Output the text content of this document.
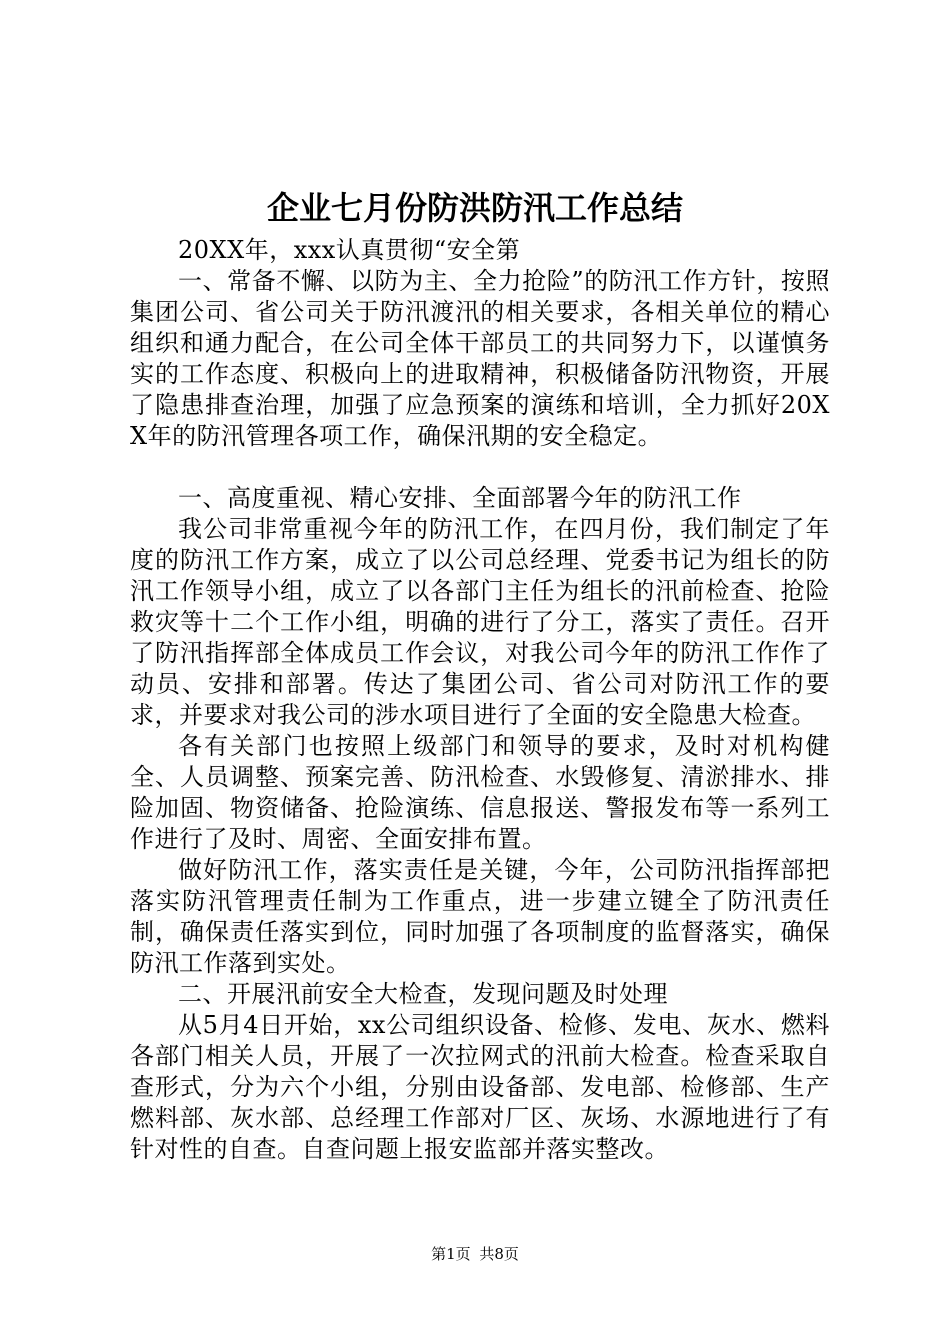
企业七月份防洪防汛工作总结

20XX年，xxx认真贯彻“安全第

一、常备不懈、以防为主、全力抢险”的防汛工作方针，按照集团公司、省公司关于防汛渡汛的相关要求，各相关单位的精心组织和通力配合，在公司全体干部员工的共同努力下，以谨慎务实的工作态度、积极向上的进取精神，积极储备防汛物资，开展了隐患排查治理，加强了应急预案的演练和培训，全力抓好20XX年的防汛管理各项工作，确保汛期的安全稳定。

一、高度重视、精心安排、全面部署今年的防汛工作

我公司非常重视今年的防汛工作，在四月份，我们制定了年度的防汛工作方案，成立了以公司总经理、党委书记为组长的防汛工作领导小组，成立了以各部门主任为组长的汛前检查、抢险救灾等十二个工作小组，明确的进行了分工，落实了责任。召开了防汛指挥部全体成员工作会议，对我公司今年的防汛工作作了动员、安排和部署。传达了集团公司、省公司对防汛工作的要求，并要求对我公司的涉水项目进行了全面的安全隐患大检查。

各有关部门也按照上级部门和领导的要求，及时对机构健全、人员调整、预案完善、防汛检查、水毁修复、清淤排水、排险加固、物资储备、抢险演练、信息报送、警报发布等一系列工作进行了及时、周密、全面安排布置。

做好防汛工作，落实责任是关键，今年，公司防汛指挥部把落实防汛管理责任制为工作重点，进一步建立键全了防汛责任制，确保责任落实到位，同时加强了各项制度的监督落实，确保防汛工作落到实处。

二、开展汛前安全大检查，发现问题及时处理

从5月4日开始，xx公司组织设备、检修、发电、灰水、燃料各部门相关人员，开展了一次拉网式的汛前大检查。检查采取自查形式，分为六个小组，分别由设备部、发电部、检修部、生产燃料部、灰水部、总经理工作部对厂区、灰场、水源地进行了有针对性的自查。自查问题上报安监部并落实整改。

第1页 共8页
